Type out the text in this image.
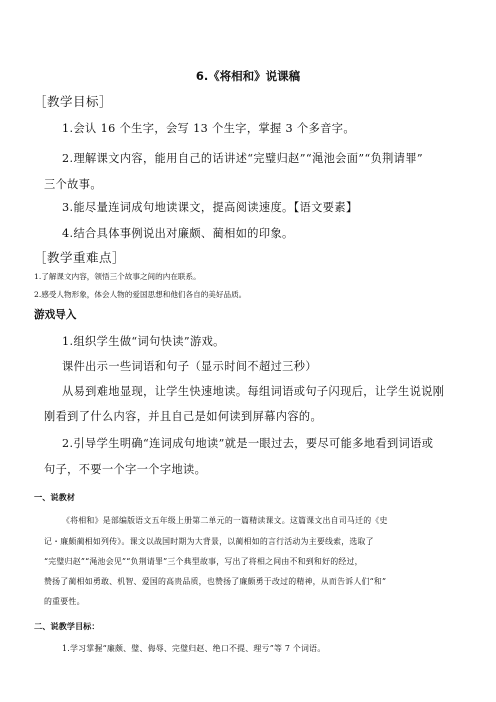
6.《将相和》说课稿
［教学目标］
1.会认 16 个生字，会写 13 个生字，掌握 3 个多音字。
2.理解课文内容，能用自己的话讲述“完璧归赵”“渑池会面”“负荆请罪”
三个故事。
3.能尽量连词成句地读课文，提高阅读速度。【语文要素】
4.结合具体事例说出对廉颇、蔺相如的印象。
［教学重难点］
1.了解课文内容，领悟三个故事之间的内在联系。
2.感受人物形象，体会人物的爱国思想和他们各自的美好品质。
游戏导入
1.组织学生做“词句快读”游戏。
课件出示一些词语和句子（显示时间不超过三秒）
从易到难地显现，让学生快速地读。每组词语或句子闪现后，让学生说说刚
刚看到了什么内容，并且自己是如何读到屏幕内容的。
2.引导学生明确“连词成句地读”就是一眼过去，要尽可能多地看到词语或
句子，不要一个字一个字地读。
一、说教材
《将相和》是部编版语文五年级上册第二单元的一篇精读课文。这篇课文出自司马迁的《史
记・廉颇蔺相如列传》。课文以战国时期为大背景，以蔺相如的言行活动为主要线索，选取了
“完璧归赵”“渑池会见”“负荆请罪”三个典型故事，写出了将相之间由不和到和好的经过，
赞扬了蔺相如勇敢、机智、爱国的高贵品质，也赞扬了廉颇勇于改过的精神，从而告诉人们“和”
的重要性。
二、说教学目标：
1.学习掌握“廉颇、璧、侮辱、完璧归赵、绝口不提、理亏”等 7 个词语。
